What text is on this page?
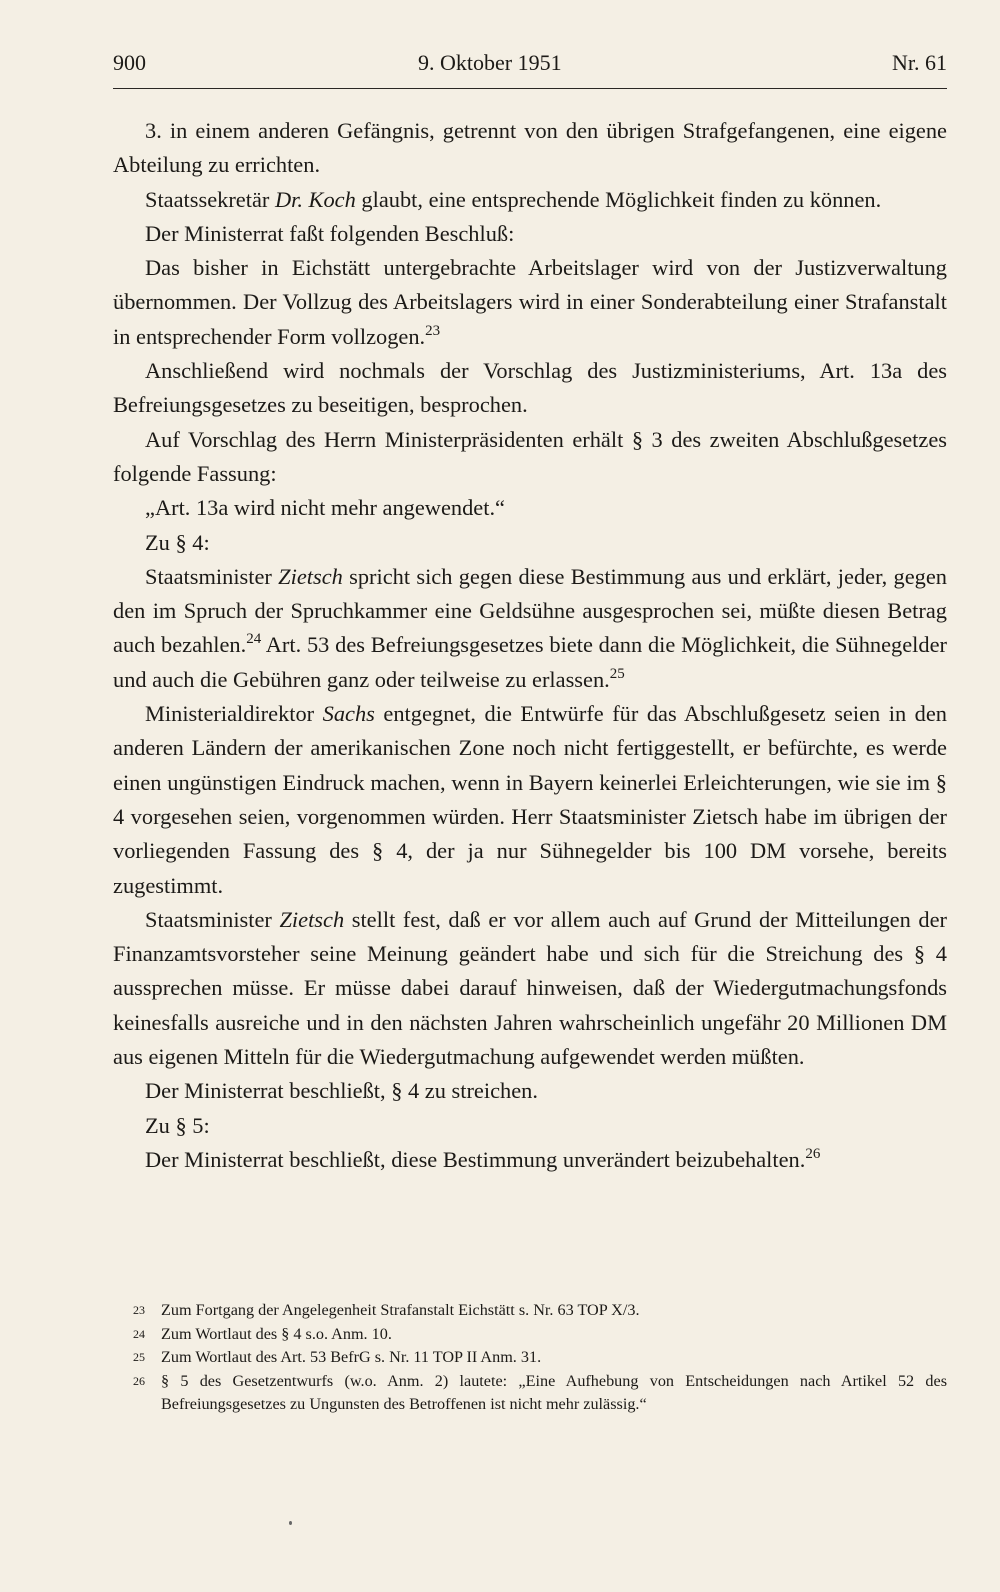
900	9. Oktober 1951	Nr. 61

3. in einem anderen Gefängnis, getrennt von den übrigen Strafgefangenen, eine eigene Abteilung zu errichten.

Staatssekretär Dr. Koch glaubt, eine entsprechende Möglichkeit finden zu können.

Der Ministerrat faßt folgenden Beschluß:

Das bisher in Eichstätt untergebrachte Arbeitslager wird von der Justizverwaltung übernommen. Der Vollzug des Arbeitslagers wird in einer Sonderabteilung einer Strafanstalt in entsprechender Form vollzogen.$^{23}$

Anschließend wird nochmals der Vorschlag des Justizministeriums, Art. 13a des Befreiungsgesetzes zu beseitigen, besprochen.

Auf Vorschlag des Herrn Ministerpräsidenten erhält § 3 des zweiten Abschlußgesetzes folgende Fassung:

„Art. 13a wird nicht mehr angewendet.“

Zu § 4:

Staatsminister Zietsch spricht sich gegen diese Bestimmung aus und erklärt, jeder, gegen den im Spruch der Spruchkammer eine Geldsühne ausgesprochen sei, müßte diesen Betrag auch bezahlen.$^{24}$ Art. 53 des Befreiungsgesetzes biete dann die Möglichkeit, die Sühnegelder und auch die Gebühren ganz oder teilweise zu erlassen.$^{25}$

Ministerialdirektor Sachs entgegnet, die Entwürfe für das Abschlußgesetz seien in den anderen Ländern der amerikanischen Zone noch nicht fertiggestellt, er befürchte, es werde einen ungünstigen Eindruck machen, wenn in Bayern keinerlei Erleichterungen, wie sie im § 4 vorgesehen seien, vorgenommen würden. Herr Staatsminister Zietsch habe im übrigen der vorliegenden Fassung des § 4, der ja nur Sühnegelder bis 100 DM vorsehe, bereits zugestimmt.

Staatsminister Zietsch stellt fest, daß er vor allem auch auf Grund der Mitteilungen der Finanzamtsvorsteher seine Meinung geändert habe und sich für die Streichung des § 4 aussprechen müsse. Er müsse dabei darauf hinweisen, daß der Wiedergutmachungsfonds keinesfalls ausreiche und in den nächsten Jahren wahrscheinlich ungefähr 20 Millionen DM aus eigenen Mitteln für die Wiedergutmachung aufgewendet werden müßten.

Der Ministerrat beschließt, § 4 zu streichen.

Zu § 5:

Der Ministerrat beschließt, diese Bestimmung unverändert beizubehalten.$^{26}$

23 Zum Fortgang der Angelegenheit Strafanstalt Eichstätt s. Nr. 63 TOP X/3.
24 Zum Wortlaut des § 4 s.o. Anm. 10.
25 Zum Wortlaut des Art. 53 BefrG s. Nr. 11 TOP II Anm. 31.
26 § 5 des Gesetzentwurfs (w.o. Anm. 2) lautete: „Eine Aufhebung von Entscheidungen nach Artikel 52 des Befreiungsgesetzes zu Ungunsten des Betroffenen ist nicht mehr zulässig.“
